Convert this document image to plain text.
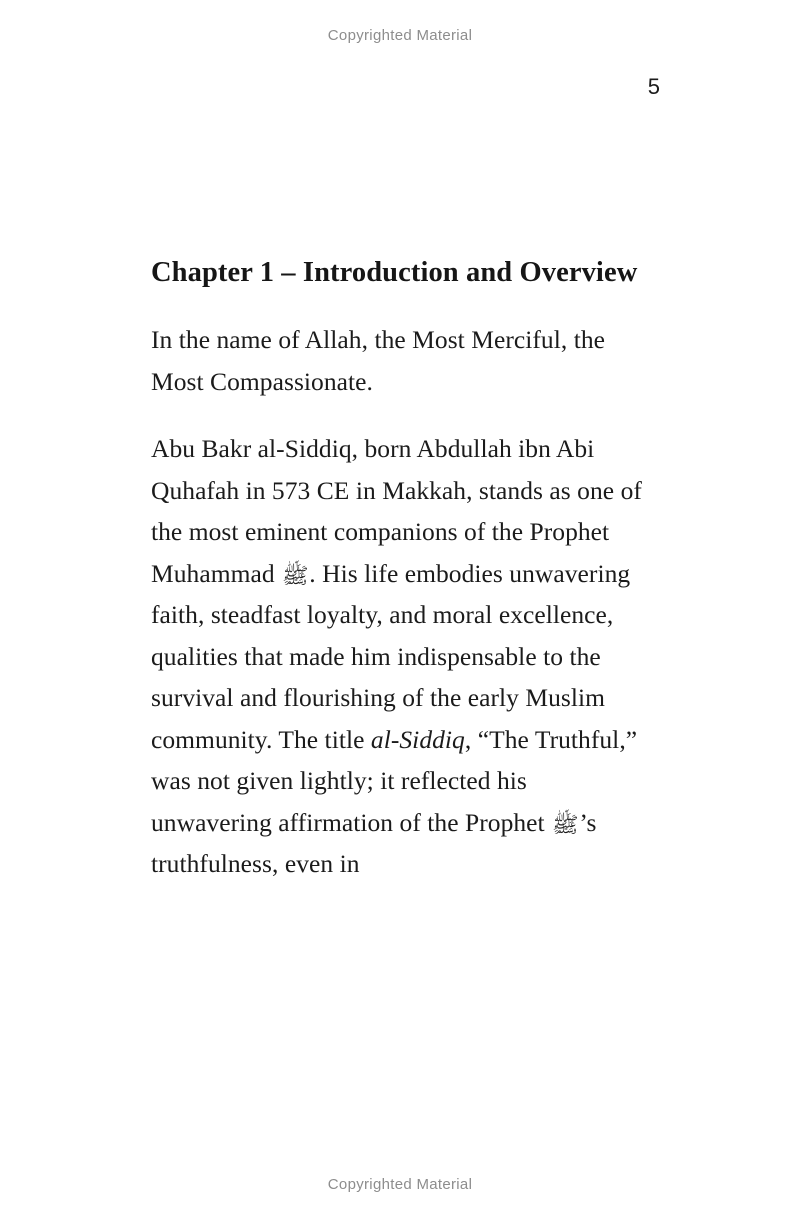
Copyrighted Material
5
Chapter 1 – Introduction and Overview

In the name of Allah, the Most Merciful, the Most Compassionate.

Abu Bakr al-Siddiq, born Abdullah ibn Abi Quhafah in 573 CE in Makkah, stands as one of the most eminent companions of the Prophet Muhammad ﷺ. His life embodies unwavering faith, steadfast loyalty, and moral excellence, qualities that made him indispensable to the survival and flourishing of the early Muslim community. The title al-Siddiq, “The Truthful,” was not given lightly; it reflected his unwavering affirmation of the Prophet ﷺ’s truthfulness, even in

Copyrighted Material
